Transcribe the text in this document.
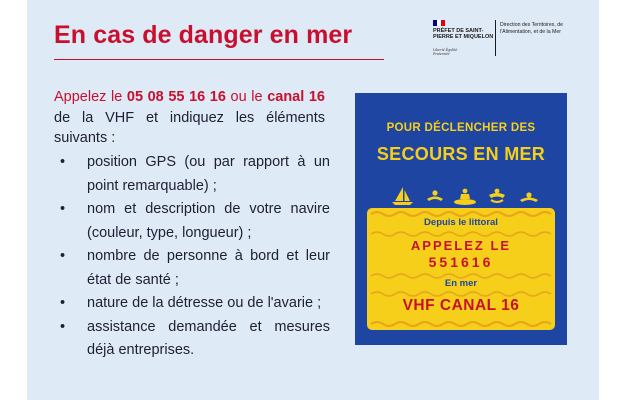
En cas de danger en mer	PRÉFET DE SAINT-PIERRE ET MIQUELON
Liberté Égalité Fraternité
Direction des Territoires, de l'Alimentation, et de la Mer
Appelez le 05 08 55 16 16 ou le canal 16 de la VHF et indiquez les éléments suivants :
•	position GPS (ou par rapport à un point remarquable) ;
•	nom et description de votre navire (couleur, type, longueur) ;
•	nombre de personne à bord et leur état de santé ;
•	nature de la détresse ou de l'avarie ;
•	assistance demandée et mesures déjà entreprises.
POUR DÉCLENCHER DES
SECOURS EN MER
Depuis le littoral
APPELEZ LE
551616
En mer
VHF CANAL 16
